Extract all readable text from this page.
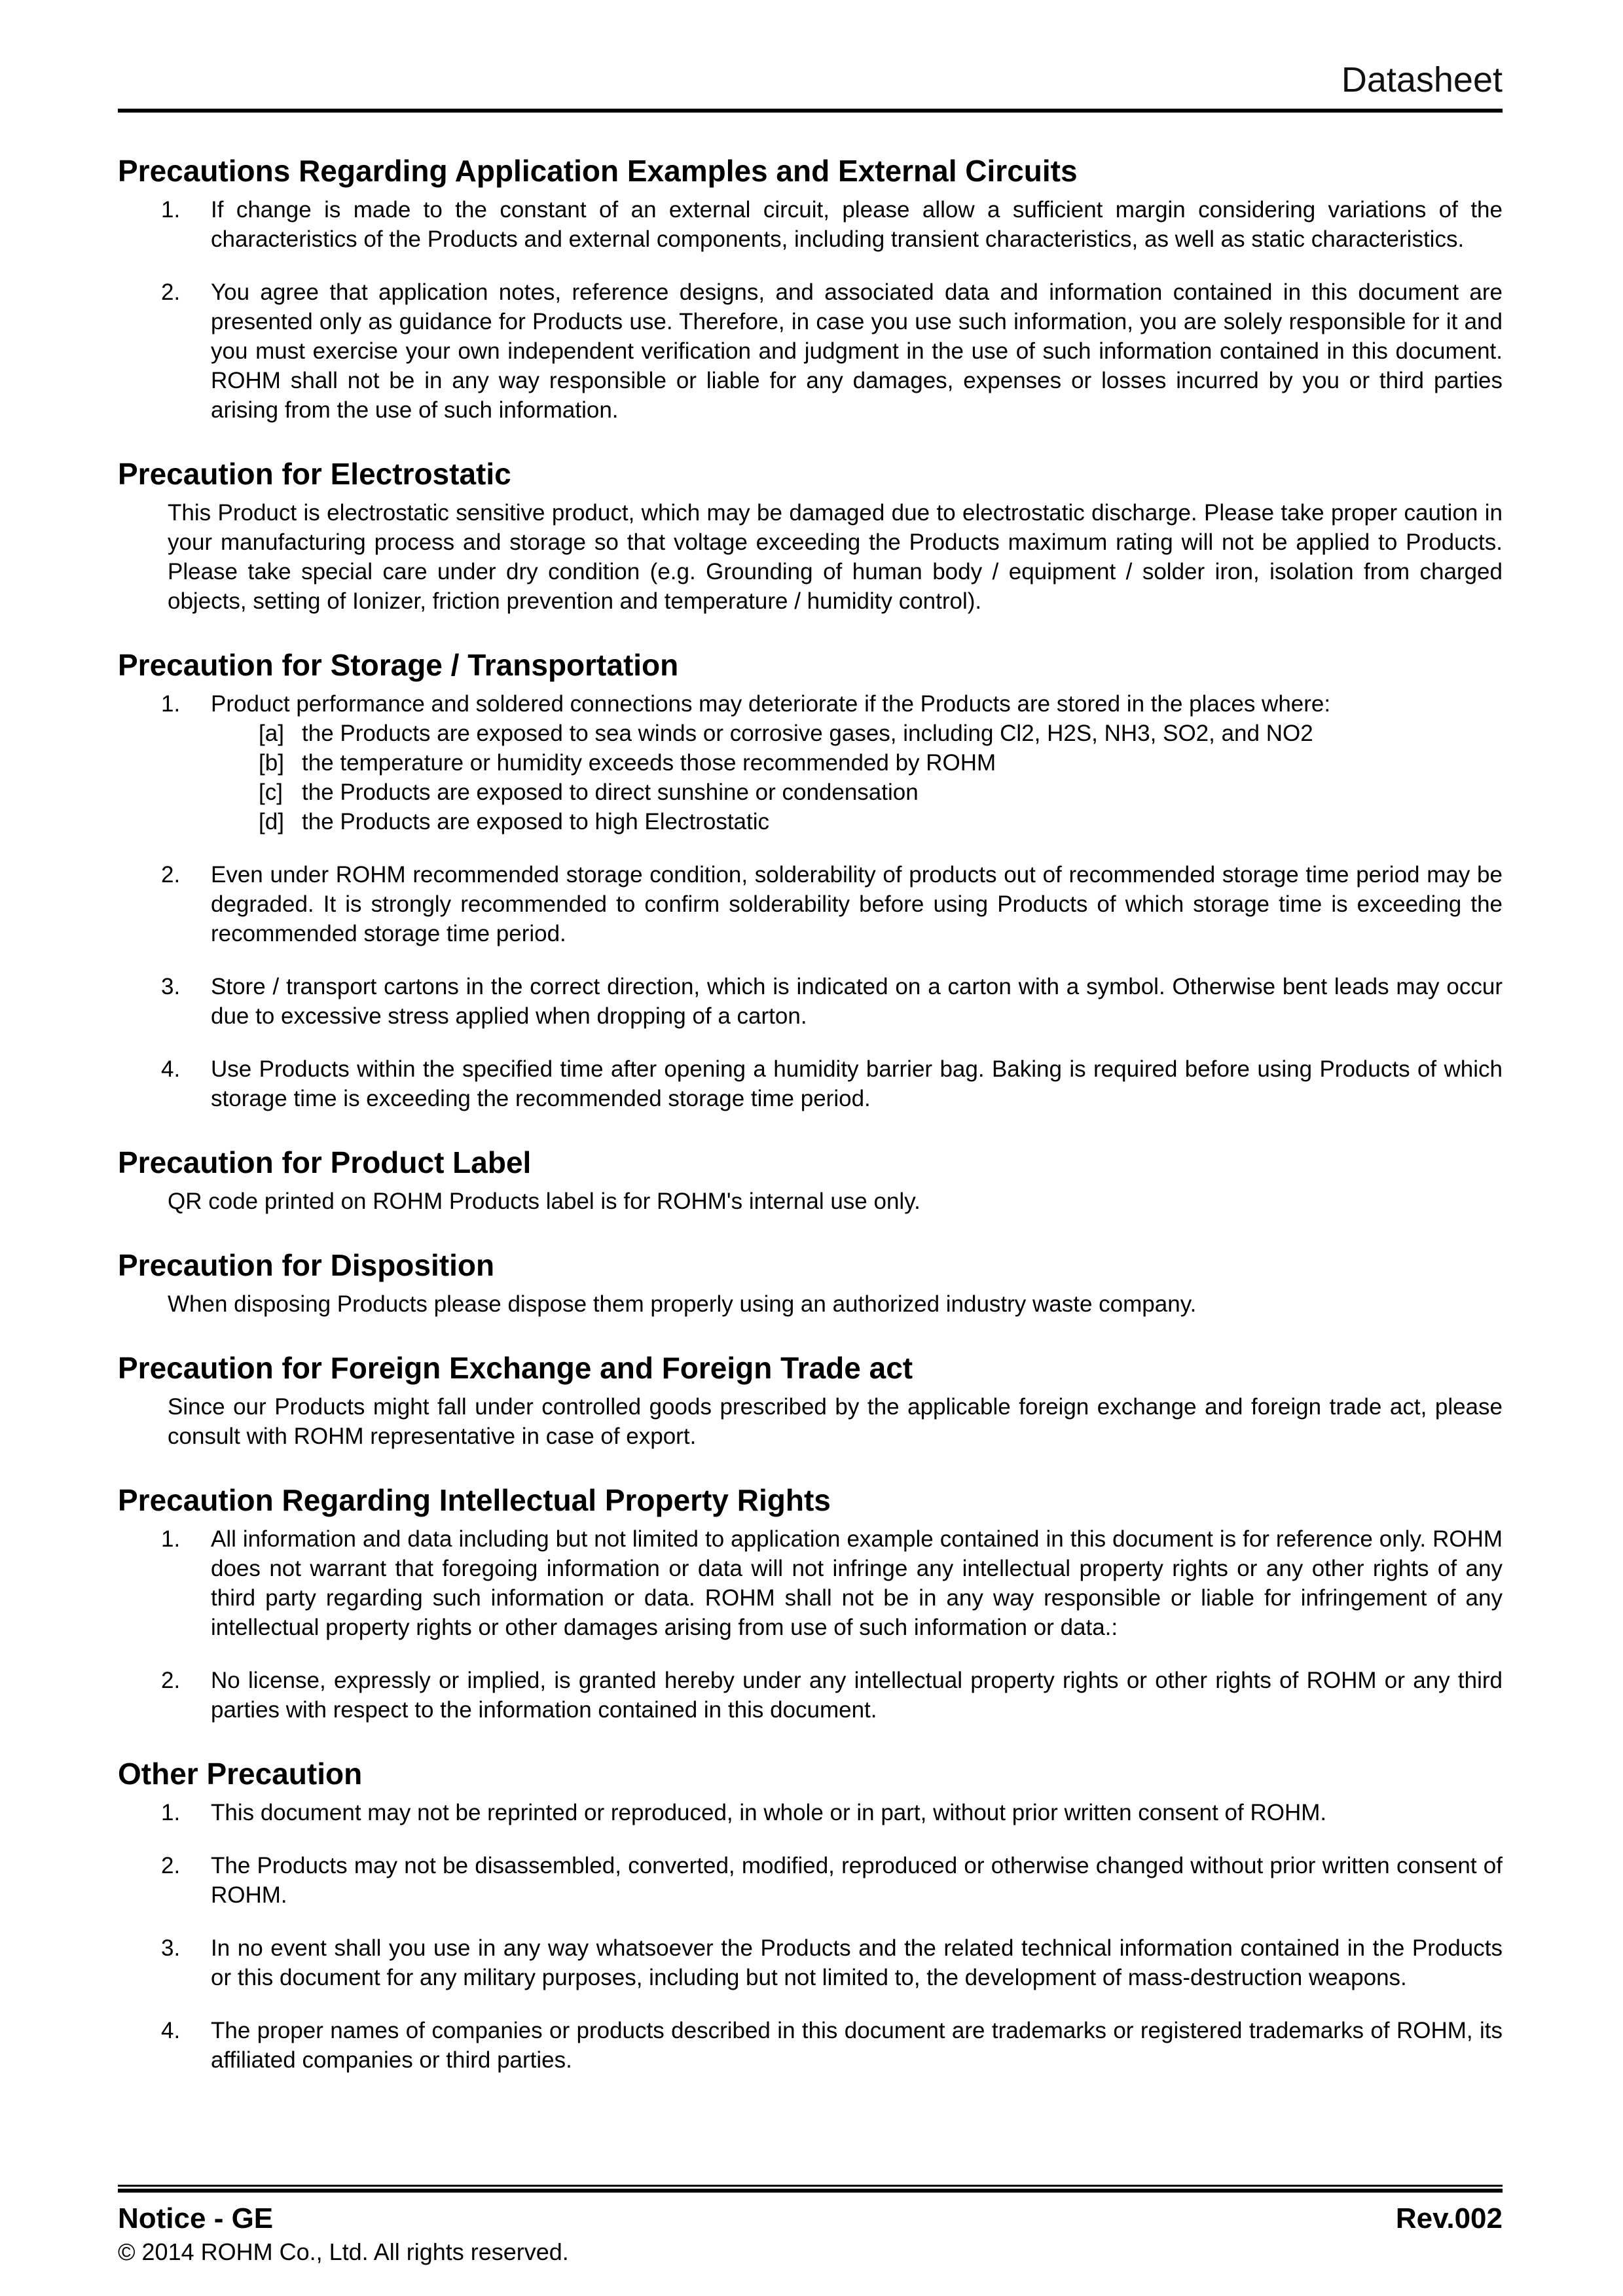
Datasheet
Precautions Regarding Application Examples and External Circuits
1.	If change is made to the constant of an external circuit, please allow a sufficient margin considering variations of the characteristics of the Products and external components, including transient characteristics, as well as static characteristics.

2.	You agree that application notes, reference designs, and associated data and information contained in this document are presented only as guidance for Products use. Therefore, in case you use such information, you are solely responsible for it and you must exercise your own independent verification and judgment in the use of such information contained in this document. ROHM shall not be in any way responsible or liable for any damages, expenses or losses incurred by you or third parties arising from the use of such information.

Precaution for Electrostatic

This Product is electrostatic sensitive product, which may be damaged due to electrostatic discharge. Please take proper caution in your manufacturing process and storage so that voltage exceeding the Products maximum rating will not be applied to Products. Please take special care under dry condition (e.g. Grounding of human body / equipment / solder iron, isolation from charged objects, setting of Ionizer, friction prevention and temperature / humidity control).

Precaution for Storage / Transportation
1.	Product performance and soldered connections may deteriorate if the Products are stored in the places where:

[a] the Products are exposed to sea winds or corrosive gases, including Cl2, H2S, NH3, SO2, and NO2

[b] the temperature or humidity exceeds those recommended by ROHM

[c] the Products are exposed to direct sunshine or condensation

[d] the Products are exposed to high Electrostatic

2.	Even under ROHM recommended storage condition, solderability of products out of recommended storage time period may be degraded. It is strongly recommended to confirm solderability before using Products of which storage time is exceeding the recommended storage time period.

3.	Store / transport cartons in the correct direction, which is indicated on a carton with a symbol. Otherwise bent leads may occur due to excessive stress applied when dropping of a carton.

4.	Use Products within the specified time after opening a humidity barrier bag. Baking is required before using Products of which storage time is exceeding the recommended storage time period.

Precaution for Product Label

QR code printed on ROHM Products label is for ROHM's internal use only.

Precaution for Disposition

When disposing Products please dispose them properly using an authorized industry waste company.

Precaution for Foreign Exchange and Foreign Trade act

Since our Products might fall under controlled goods prescribed by the applicable foreign exchange and foreign trade act, please consult with ROHM representative in case of export.

Precaution Regarding Intellectual Property Rights
1.	All information and data including but not limited to application example contained in this document is for reference only. ROHM does not warrant that foregoing information or data will not infringe any intellectual property rights or any other rights of any third party regarding such information or data. ROHM shall not be in any way responsible or liable for infringement of any intellectual property rights or other damages arising from use of such information or data.:

2.	No license, expressly or implied, is granted hereby under any intellectual property rights or other rights of ROHM or any third parties with respect to the information contained in this document.

Other Precaution
1.	This document may not be reprinted or reproduced, in whole or in part, without prior written consent of ROHM.

2.	The Products may not be disassembled, converted, modified, reproduced or otherwise changed without prior written consent of ROHM.

3.	In no event shall you use in any way whatsoever the Products and the related technical information contained in the Products or this document for any military purposes, including but not limited to, the development of mass-destruction weapons.

4.	The proper names of companies or products described in this document are trademarks or registered trademarks of ROHM, its affiliated companies or third parties.

Notice - GE	Rev.002
© 2014 ROHM Co., Ltd. All rights reserved.
